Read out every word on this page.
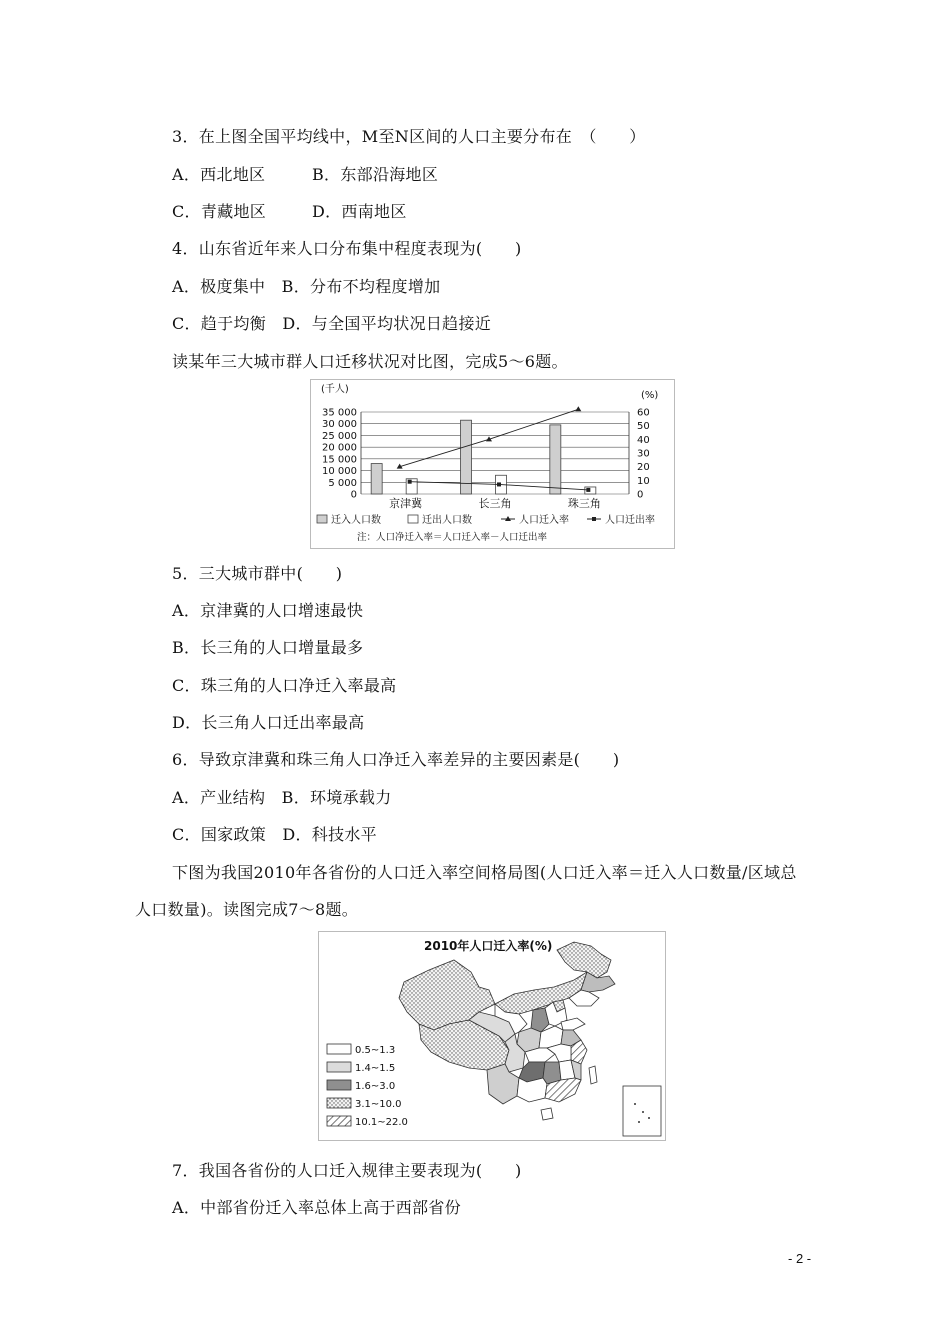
3．在上图全国平均线中，M至N区间的人口主要分布在　（　　）
A．西北地区	B．东部沿海地区
C．青藏地区	D．西南地区
4．山东省近年来人口分布集中程度表现为(　　)
A．极度集中　B．分布不均程度增加
C．趋于均衡　D．与全国平均状况日趋接近
读某年三大城市群人口迁移状况对比图，完成5～6题。
(千人)
(%)
35 000
30 000
25 000
20 000
15 000
10 000
5 000
0
60
50
40
30
20
10
0
京津冀	长三角	珠三角
迁入人口数	迁出人口数	人口迁入率	人口迁出率
注：人口净迁入率＝人口迁入率－人口迁出率
5．三大城市群中(　　)
A．京津冀的人口增速最快
B．长三角的人口增量最多
C．珠三角的人口净迁入率最高
D．长三角人口迁出率最高
6．导致京津冀和珠三角人口净迁入率差异的主要因素是(　　)
A．产业结构　B．环境承载力
C．国家政策　D．科技水平
下图为我国2010年各省份的人口迁入率空间格局图(人口迁入率＝迁入人口数量/区域总
人口数量)。读图完成7～8题。
2010年人口迁入率(%)
0.5~1.3
1.4~1.5
1.6~3.0
3.1~10.0
10.1~22.0
7．我国各省份的人口迁入规律主要表现为(　　)
A．中部省份迁入率总体上高于西部省份
- 2 -
